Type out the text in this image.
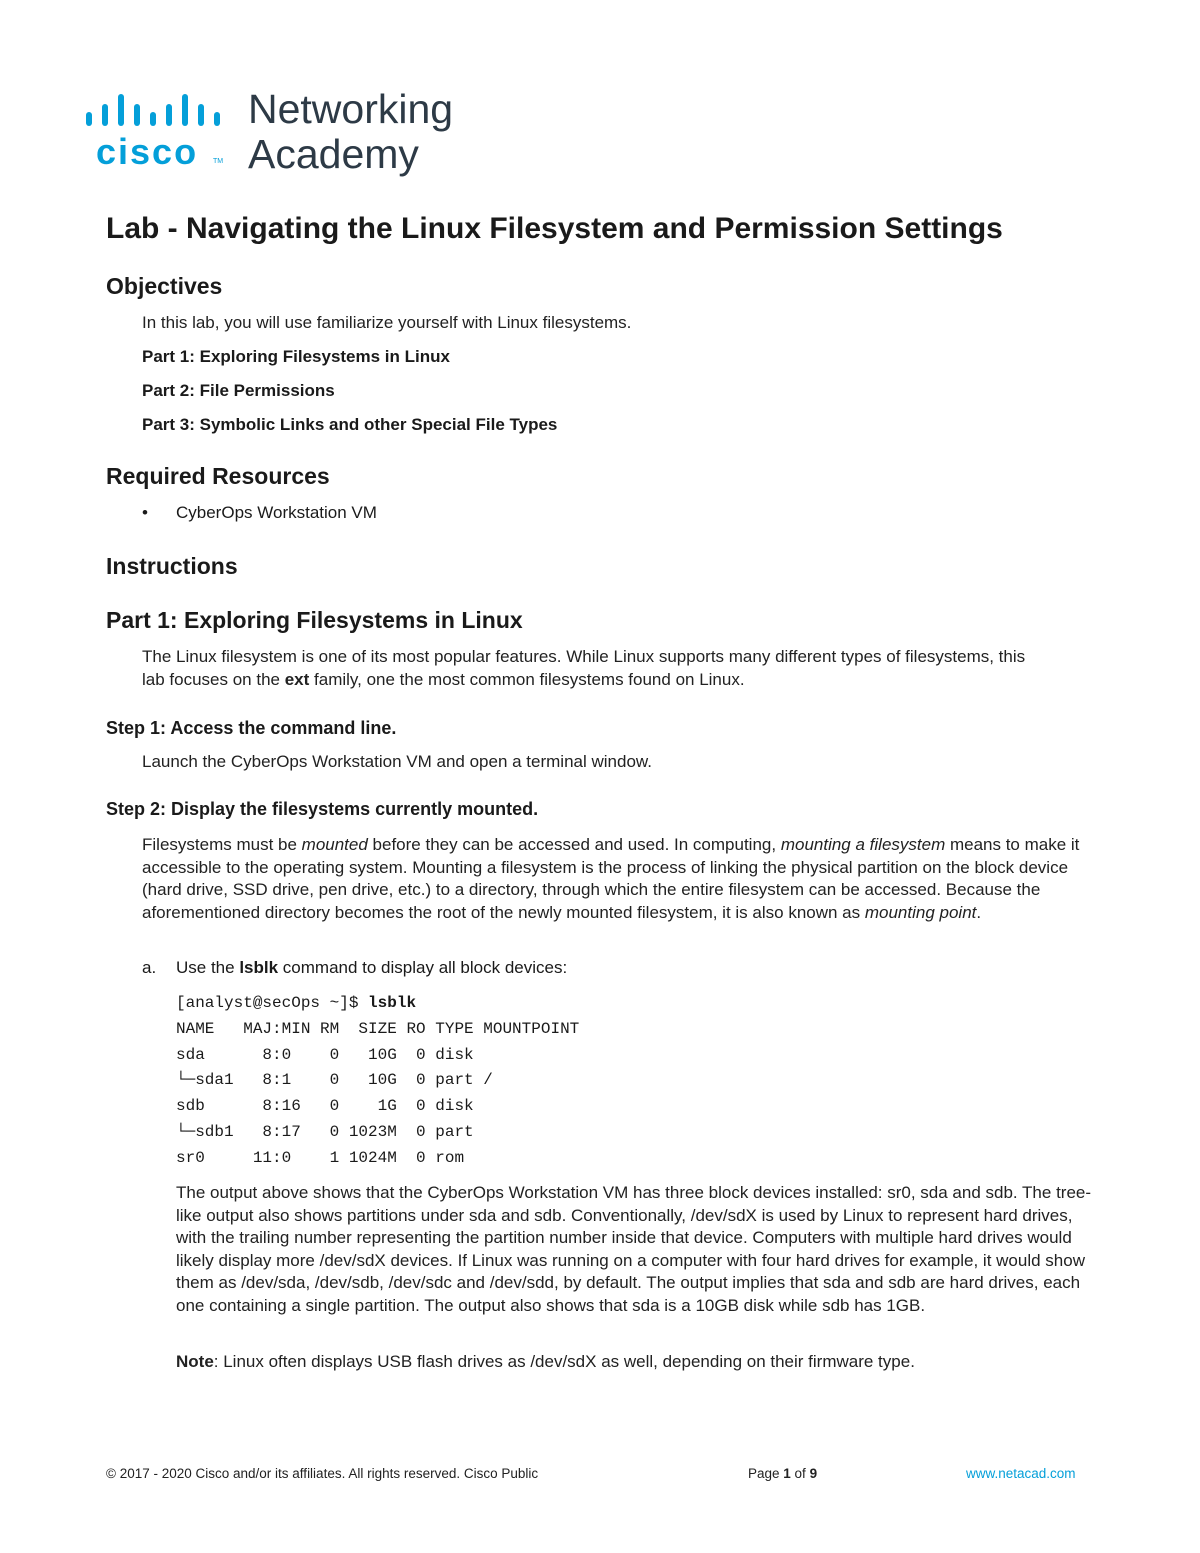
cisco TM
Networking
Academy
Lab - Navigating the Linux Filesystem and Permission Settings
Objectives
In this lab, you will use familiarize yourself with Linux filesystems.
Part 1: Exploring Filesystems in Linux
Part 2: File Permissions
Part 3: Symbolic Links and other Special File Types
Required Resources
• CyberOps Workstation VM
Instructions
Part 1: Exploring Filesystems in Linux
The Linux filesystem is one of its most popular features. While Linux supports many different types of filesystems, this lab focuses on the ext family, one the most common filesystems found on Linux.
Step 1: Access the command line.
Launch the CyberOps Workstation VM and open a terminal window.
Step 2: Display the filesystems currently mounted.
Filesystems must be mounted before they can be accessed and used. In computing, mounting a filesystem means to make it accessible to the operating system. Mounting a filesystem is the process of linking the physical partition on the block device (hard drive, SSD drive, pen drive, etc.) to a directory, through which the entire filesystem can be accessed. Because the aforementioned directory becomes the root of the newly mounted filesystem, it is also known as mounting point.
a. Use the lsblk command to display all block devices:
[analyst@secOps ~]$ lsblk
NAME   MAJ:MIN RM  SIZE RO TYPE MOUNTPOINT
sda      8:0    0   10G  0 disk
└─sda1   8:1    0   10G  0 part /
sdb      8:16   0    1G  0 disk
└─sdb1   8:17   0 1023M  0 part
sr0     11:0    1 1024M  0 rom
The output above shows that the CyberOps Workstation VM has three block devices installed: sr0, sda and sdb. The tree-like output also shows partitions under sda and sdb. Conventionally, /dev/sdX is used by Linux to represent hard drives, with the trailing number representing the partition number inside that device. Computers with multiple hard drives would likely display more /dev/sdX devices. If Linux was running on a computer with four hard drives for example, it would show them as /dev/sda, /dev/sdb, /dev/sdc and /dev/sdd, by default. The output implies that sda and sdb are hard drives, each one containing a single partition. The output also shows that sda is a 10GB disk while sdb has 1GB.
Note: Linux often displays USB flash drives as /dev/sdX as well, depending on their firmware type.
© 2017 - 2020 Cisco and/or its affiliates. All rights reserved. Cisco Public	Page 1 of 9	www.netacad.com
